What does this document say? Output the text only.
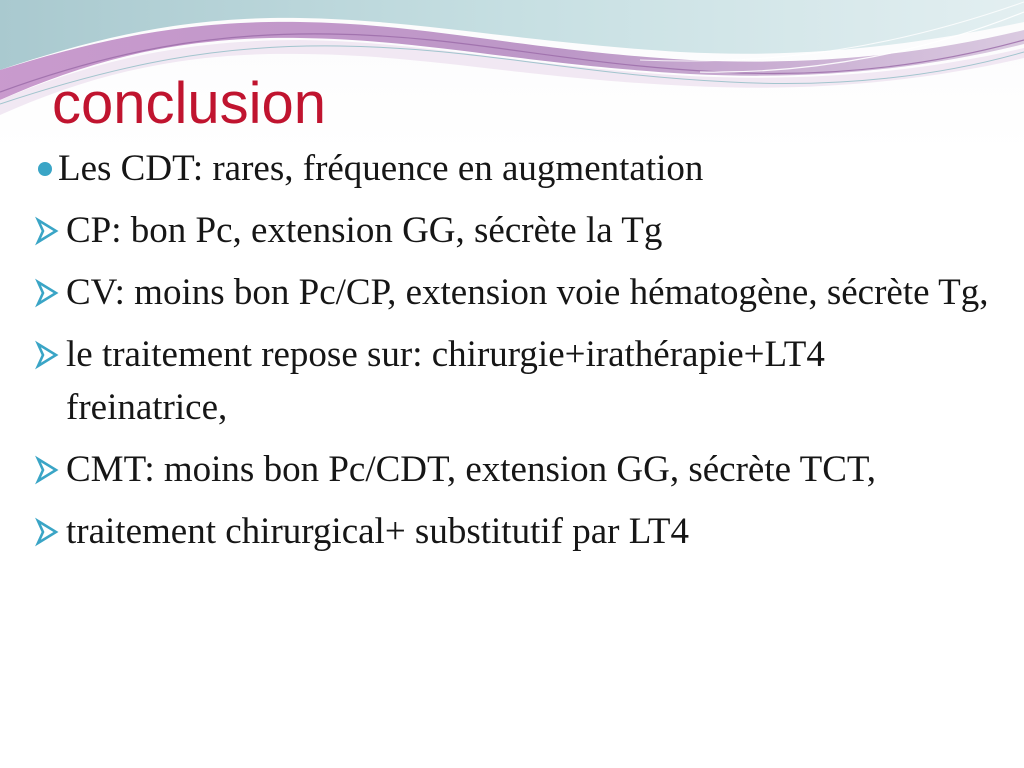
conclusion
Les CDT: rares, fréquence en augmentation
CP: bon Pc, extension GG, sécrète la Tg
CV: moins bon Pc/CP, extension voie hématogène, sécrète Tg,
le traitement repose sur: chirurgie+irathérapie+LT4 freinatrice,
CMT: moins bon Pc/CDT, extension GG, sécrète TCT,
traitement chirurgical+ substitutif par LT4
